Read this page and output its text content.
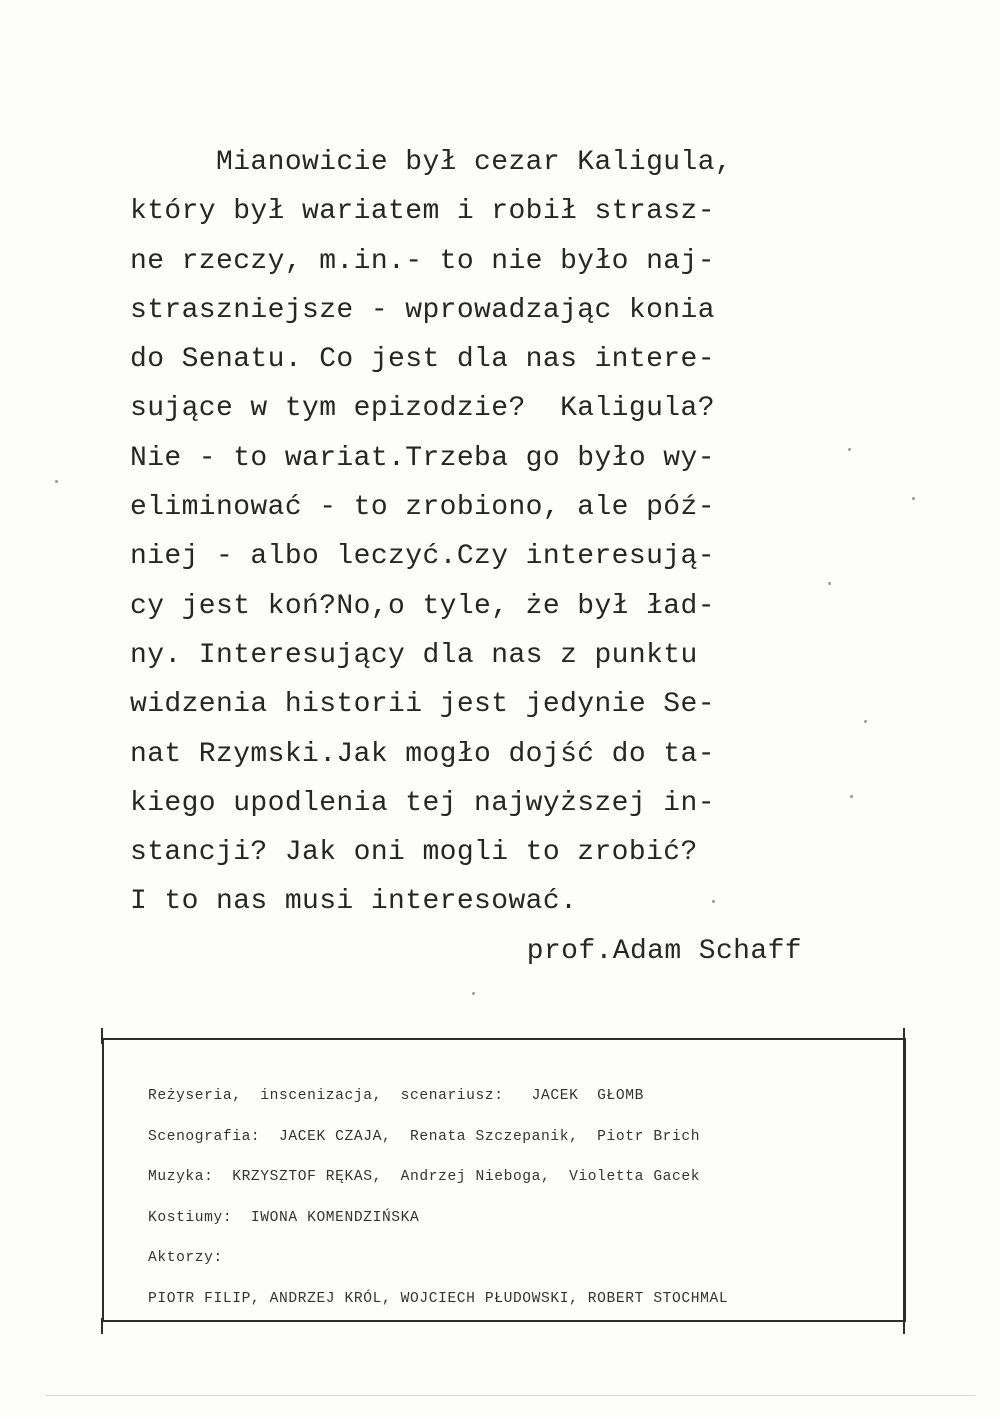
Mianowicie był cezar Kaligula,
który był wariatem i robił strasz-
ne rzeczy, m.in.- to nie było naj-
straszniejsze - wprowadzając konia
do Senatu. Co jest dla nas intere-
sujące w tym epizodzie?  Kaligula?
Nie - to wariat.Trzeba go było wy-
eliminować - to zrobiono, ale póź-
niej - albo leczyć.Czy interesują-
cy jest koń?No,o tyle, że był ład-
ny. Interesujący dla nas z punktu
widzenia historii jest jedynie Se-
nat Rzymski.Jak mogło dojść do ta-
kiego upodlenia tej najwyższej in-
stancji? Jak oni mogli to zrobić?
I to nas musi interesować.
prof.Adam Schaff
Reżyseria,  inscenizacja,  scenariusz:   JACEK  GŁOMB
Scenografia:  JACEK CZAJA,  Renata Szczepanik,  Piotr Brich
Muzyka:  KRZYSZTOF RĘKAS,  Andrzej Nieboga,  Violetta Gacek
Kostiumy:  IWONA KOMENDZIŃSKA
Aktorzy:
PIOTR FILIP, ANDRZEJ KRÓL, WOJCIECH PŁUDOWSKI, ROBERT STOCHMAL
